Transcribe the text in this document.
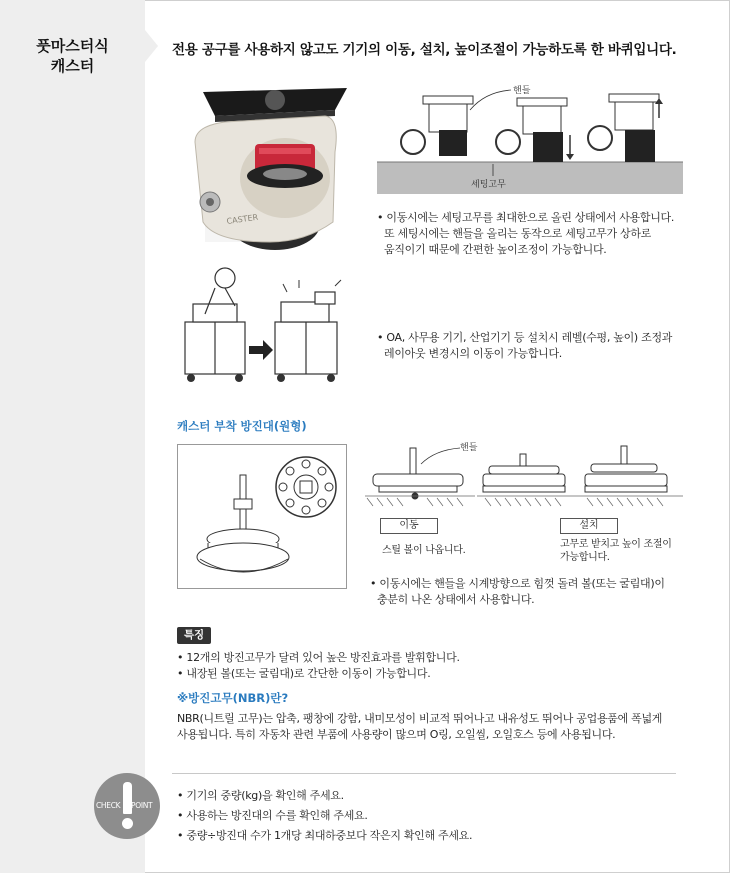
풋마스터식
캐스터
전용 공구를 사용하지 않고도 기기의 이동, 설치, 높이조절이 가능하도록 한 바퀴입니다.
CASTER
세팅고무
핸들
• 이동시에는 세팅고무를 최대한으로 올린 상태에서 사용합니다.
또 세팅시에는 핸들을 올리는 동작으로 세팅고무가 상하로
움직이기 때문에 간편한 높이조정이 가능합니다.
• OA, 사무용 기기, 산업기기 등 설치시 레벨(수평, 높이) 조정과
레이아웃 변경시의 이동이 가능합니다.
캐스터 부착 방진대(원형)
핸들
이동
스틸 볼이 나옵니다.
설치
고무로 받치고 높이 조절이
가능합니다.
• 이동시에는 핸들을 시계방향으로 힘껏 돌려 볼(또는 굴림대)이
충분히 나온 상태에서 사용합니다.
특징
• 12개의 방진고무가 달려 있어 높은 방진효과를 발휘합니다.
• 내장된 볼(또는 굴림대)로 간단한 이동이 가능합니다.
※방진고무(NBR)란?
NBR(니트릴 고무)는 압축, 팽창에 강함, 내미모성이 비교적 뛰어나고 내유성도 뛰어나 공업용품에 폭넓게
사용됩니다. 특히 자동차 관련 부품에 사용량이 많으며 O링, 오일씰, 오일호스 등에 사용됩니다.
CHECK POINT
• 기기의 중량(kg)을 확인해 주세요.
• 사용하는 방진대의 수를 확인해 주세요.
• 중량÷방진대 수가 1개당 최대하중보다 작은지 확인해 주세요.
